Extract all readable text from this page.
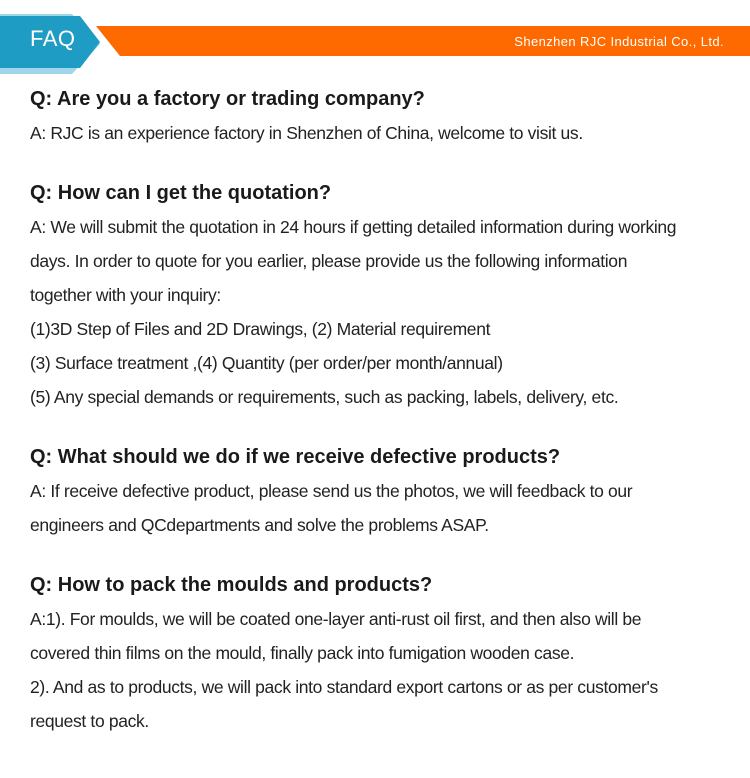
FAQ	Shenzhen RJC Industrial Co., Ltd.

Q: Are you a factory or trading company?

A: RJC is an experience factory in Shenzhen of China, welcome to visit us.

Q: How can I get the quotation?

A: We will submit the quotation in 24 hours if getting detailed information during working

days. In order to quote for you earlier, please provide us the following information

together with your inquiry:

(1)3D Step of Files and 2D Drawings, (2) Material requirement

(3) Surface treatment ,(4) Quantity (per order/per month/annual)

(5) Any special demands or requirements, such as packing, labels, delivery, etc.

Q: What should we do if we receive defective products?

A: If receive defective product, please send us the photos, we will feedback to our

engineers and QCdepartments and solve the problems ASAP.

Q: How to pack the moulds and products?

A:1). For moulds, we will be coated one-layer anti-rust oil first, and then also will be

covered thin films on the mould, finally pack into fumigation wooden case.

2). And as to products, we will pack into standard export cartons or as per customer's

request to pack.
